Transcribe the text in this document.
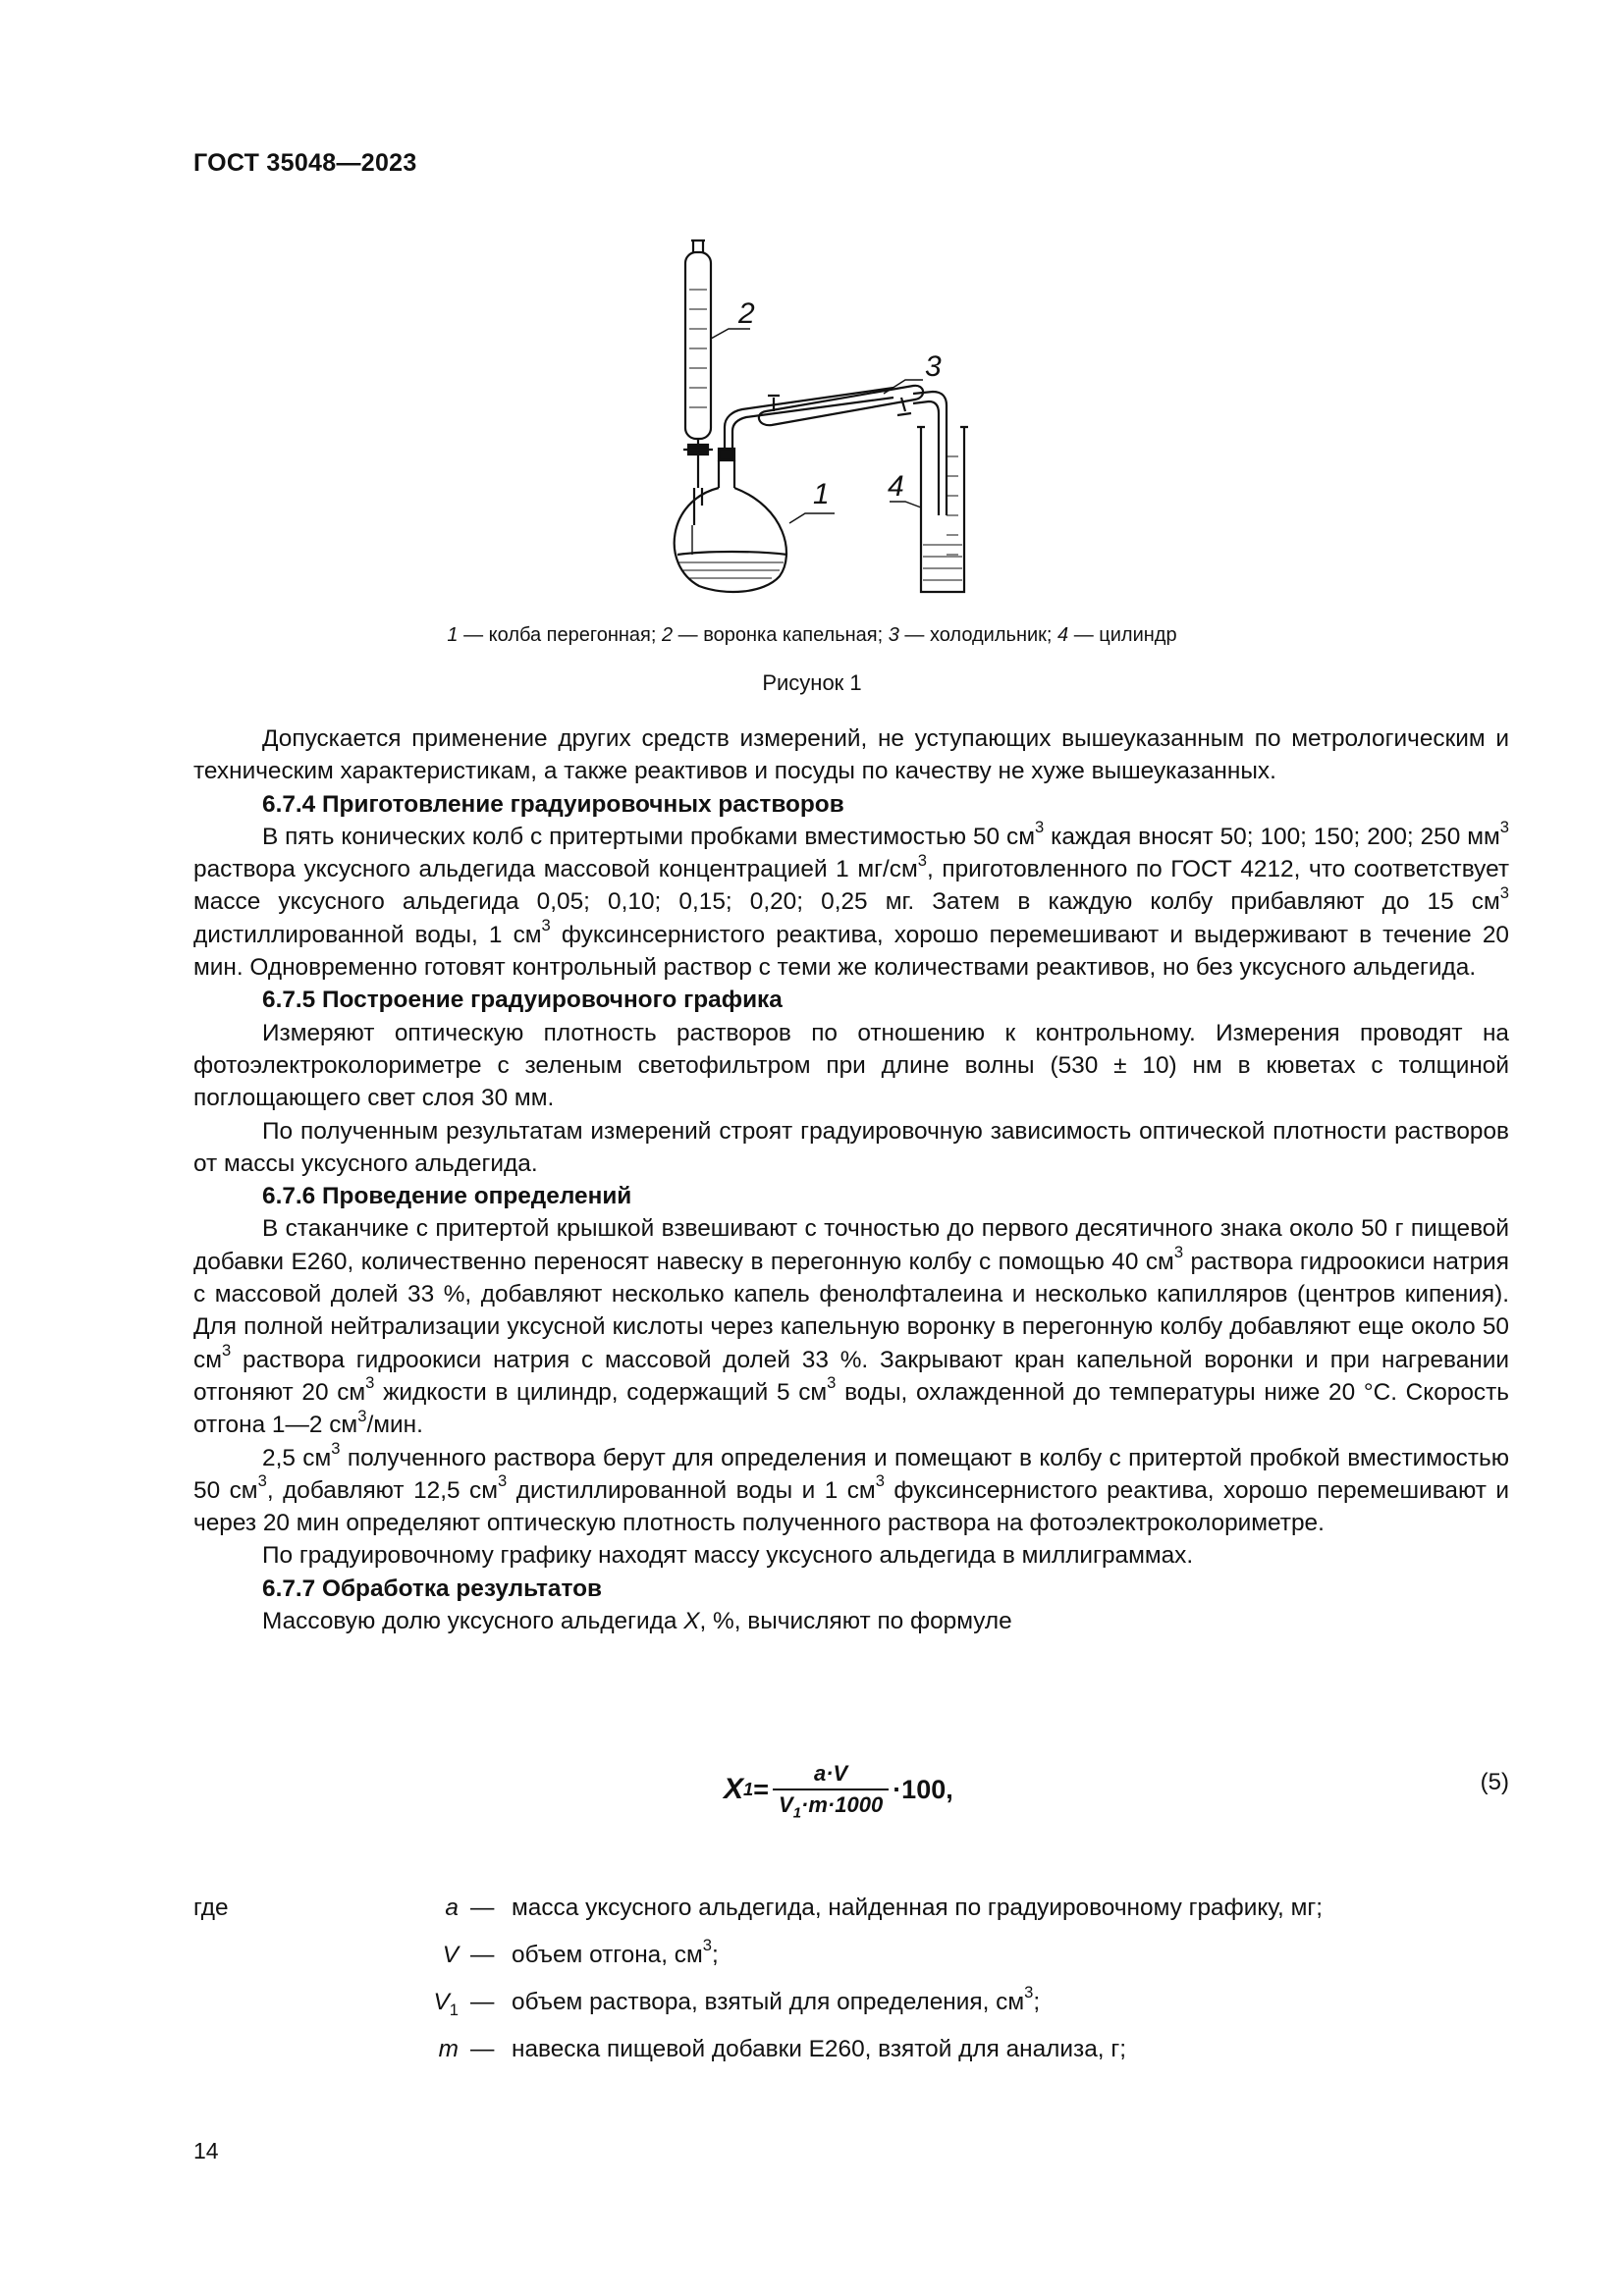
ГОСТ 35048—2023
2
3
1 4
1 — колба перегонная; 2 — воронка капельная; 3 — холодильник; 4 — цилиндр
Рисунок 1

Допускается применение других средств измерений, не уступающих вышеуказанным по метрологическим и техническим характеристикам, а также реактивов и посуды по качеству не хуже вышеуказанных.

6.7.4 Приготовление градуировочных растворов

В пять конических колб с притертыми пробками вместимостью 50 $см^3$ каждая вносят 50; 100; 150; 200; 250 $мм^3$ раствора уксусного альдегида массовой концентрацией 1 $мг/см^3$, приготовленного по ГОСТ 4212, что соответствует массе уксусного альдегида 0,05; 0,10; 0,15; 0,20; 0,25 мг. Затем в каждую колбу прибавляют до 15 $см^3$ дистиллированной воды, 1 $см^3$ фуксинсернистого реактива, хорошо перемешивают и выдерживают в течение 20 мин. Одновременно готовят контрольный раствор с теми же количествами реактивов, но без уксусного альдегида.

6.7.5 Построение градуировочного графика

Измеряют оптическую плотность растворов по отношению к контрольному. Измерения проводят на фотоэлектроколориметре с зеленым светофильтром при длине волны (530 ± 10) нм в кюветах с толщиной поглощающего свет слоя 30 мм.

По полученным результатам измерений строят градуировочную зависимость оптической плотности растворов от массы уксусного альдегида.

6.7.6 Проведение определений

В стаканчике с притертой крышкой взвешивают с точностью до первого десятичного знака около 50 г пищевой добавки Е260, количественно переносят навеску в перегонную колбу с помощью 40 $см^3$ раствора гидроокиси натрия с массовой долей 33 %, добавляют несколько капель фенолфталеина и несколько капилляров (центров кипения). Для полной нейтрализации уксусной кислоты через капельную воронку в перегонную колбу добавляют еще около 50 $см^3$ раствора гидроокиси натрия с массовой долей 33 %. Закрывают кран капельной воронки и при нагревании отгоняют 20 $см^3$ жидкости в цилиндр, содержащий 5 $см^3$ воды, охлажденной до температуры ниже 20 °С. Скорость отгона 1—2 $см^3$/мин.

2,5 $см^3$ полученного раствора берут для определения и помещают в колбу с притертой пробкой вместимостью 50 $см^3$, добавляют 12,5 $см^3$ дистиллированной воды и 1 $см^3$ фуксинсернистого реактива, хорошо перемешивают и через 20 мин определяют оптическую плотность полученного раствора на фотоэлектроколориметре.

По градуировочному графику находят массу уксусного альдегида в миллиграммах.

6.7.7 Обработка результатов

Массовую долю уксусного альдегида X, %, вычисляют по формуле

X $1 = \frac{a\cdot V}{V_1\cdot m\cdot 1000} \cdot 100$,	(5)
где	a — масса уксусного альдегида, найденная по градуировочному графику, мг;
V — объем отгона, $см^3$;
$V_1$ — объем раствора, взятый для определения, $см^3$;
m — навеска пищевой добавки Е260, взятой для анализа, г;
14
